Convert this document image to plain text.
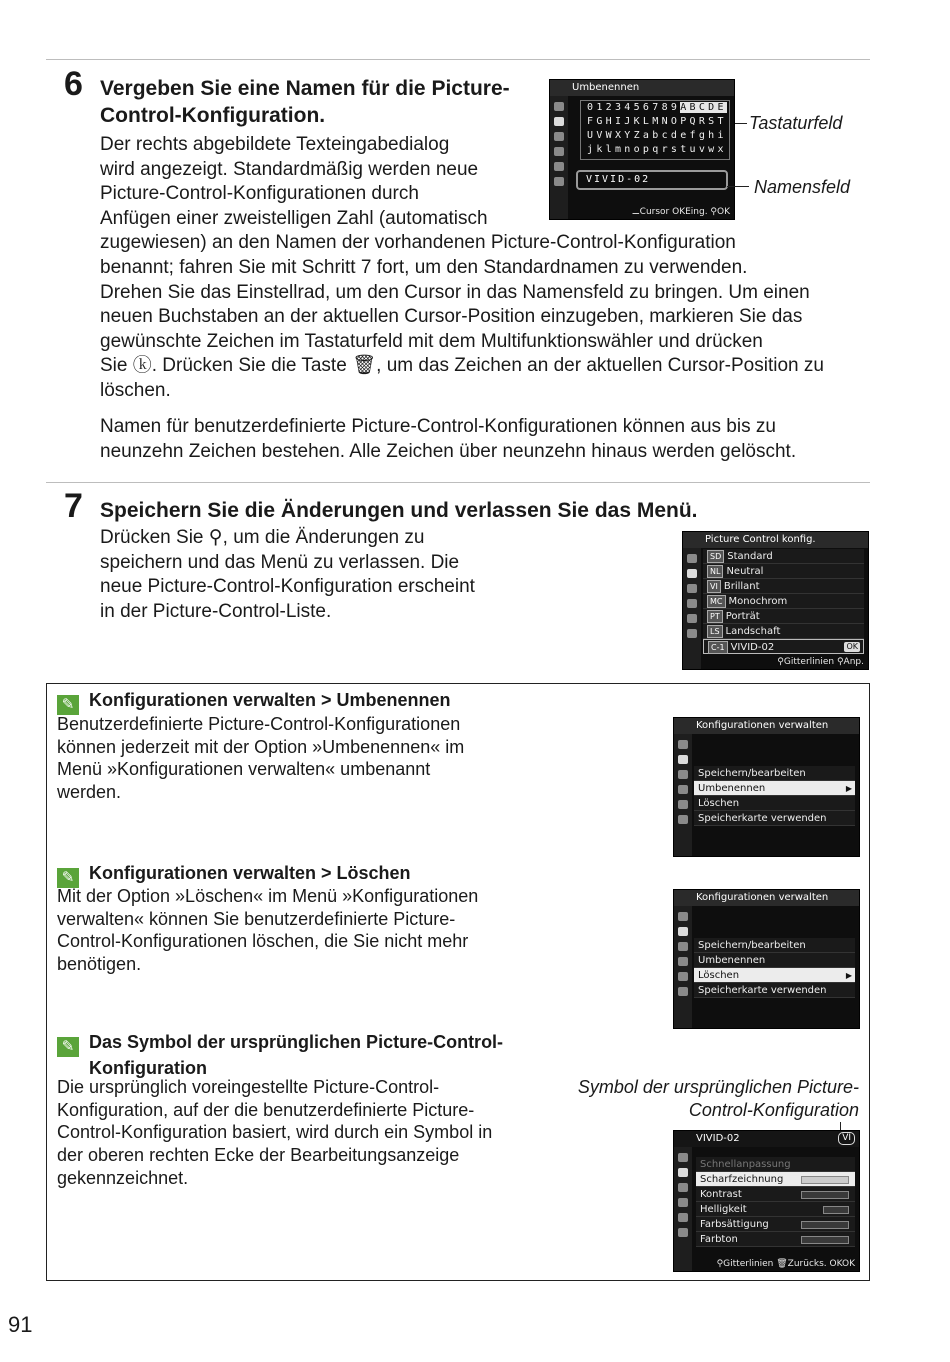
6 Vergeben Sie eine Namen für die Picture-
Control-Konfiguration.
Der rechts abgebildete Texteingabedialog
wird angezeigt. Standardmäßig werden neue
Picture-Control-Konfigurationen durch
Anfügen einer zweistelligen Zahl (automatisch
zugewiesen) an den Namen der vorhandenen Picture-Control-Konfiguration
benannt; fahren Sie mit Schritt 7 fort, um den Standardnamen zu verwenden.
Drehen Sie das Einstellrad, um den Cursor in das Namensfeld zu bringen. Um einen
neuen Buchstaben an der aktuellen Cursor-Position einzugeben, markieren Sie das
gewünschte Zeichen im Tastaturfeld mit dem Multifunktionswähler und drücken
Sie ⓚ. Drücken Sie die Taste 🗑, um das Zeichen an der aktuellen Cursor-Position zu
löschen.
Namen für benutzerdefinierte Picture-Control-Konfigurationen können aus bis zu
neunzehn Zeichen bestehen. Alle Zeichen über neunzehn hinaus werden gelöscht.
Umbenennen
0123456789ABCDE
FGHIJKLMNOPQRST
UVWXYZabcdefghi
jklmnopqrstuvwx
VIVID-02
⚊Cursor OKEing. ⚲OK
Tastaturfeld
Namensfeld
7 Speichern Sie die Änderungen und verlassen Sie das Menü.
Drücken Sie ⚲, um die Änderungen zu
speichern und das Menü zu verlassen. Die
neue Picture-Control-Konfiguration erscheint
in der Picture-Control-Liste.
Picture Control konfig.
SD Standard
NL Neutral
VI Brillant
MC Monochrom
PT Porträt
LS Landschaft
C-1 VIVID-02	OK
⚲Gitterlinien ⚲Anp.
✎ Konfigurationen verwalten > Umbenennen
Benutzerdefinierte Picture-Control-Konfigurationen
können jederzeit mit der Option »Umbenennen« im
Menü »Konfigurationen verwalten« umbenannt
werden.
Konfigurationen verwalten
Speichern/bearbeiten
Umbenennen	▶
Löschen
Speicherkarte verwenden
✎ Konfigurationen verwalten > Löschen
Mit der Option »Löschen« im Menü »Konfigurationen
verwalten« können Sie benutzerdefinierte Picture-
Control-Konfigurationen löschen, die Sie nicht mehr
benötigen.
Konfigurationen verwalten
Speichern/bearbeiten
Umbenennen
Löschen	▶
Speicherkarte verwenden
✎ Das Symbol der ursprünglichen Picture-Control-
Konfiguration
Die ursprünglich voreingestellte Picture-Control-
Konfiguration, auf der die benutzerdefinierte Picture-
Control-Konfiguration basiert, wird durch ein Symbol in
der oberen rechten Ecke der Bearbeitungsanzeige
gekennzeichnet.
Symbol der ursprünglichen Picture-
Control-Konfiguration
VIVID-02	VI
Schnellanpassung
Scharfzeichnung
Kontrast
Helligkeit
Farbsättigung
Farbton
⚲Gitterlinien 🗑Zurücks. OKOK
91
